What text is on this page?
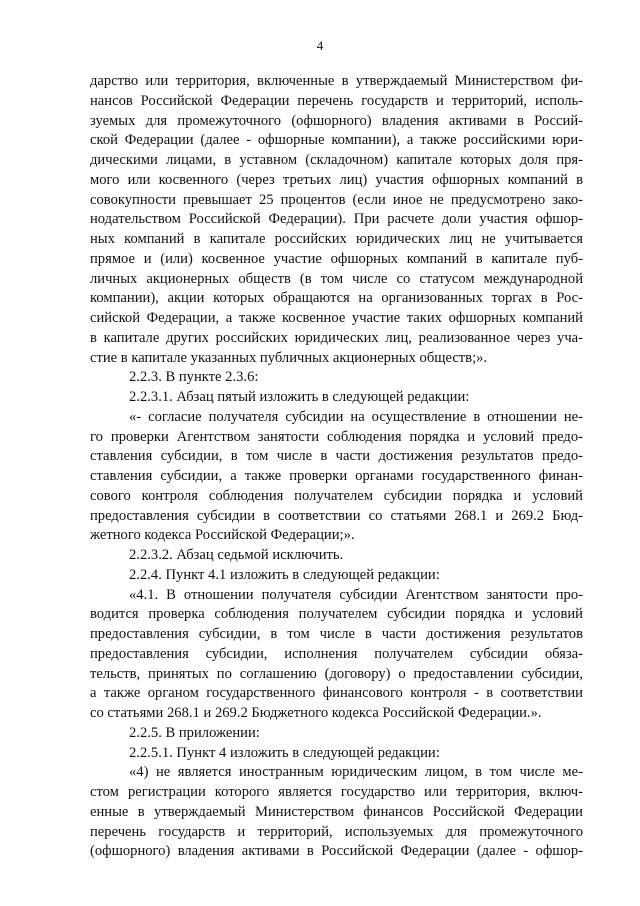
4

дарство или территория, включенные в утверждаемый Министерством фи-

нансов Российской Федерации перечень государств и территорий, исполь-

зуемых для промежуточного (офшорного) владения активами в Россий-

ской Федерации (далее - офшорные компании), а также российскими юри-

дическими лицами, в уставном (складочном) капитале которых доля пря-

мого или косвенного (через третьих лиц) участия офшорных компаний в

совокупности превышает 25 процентов (если иное не предусмотрено зако-

нодательством Российской Федерации). При расчете доли участия офшор-

ных компаний в капитале российских юридических лиц не учитывается

прямое и (или) косвенное участие офшорных компаний в капитале пуб-

личных акционерных обществ (в том числе со статусом международной

компании), акции которых обращаются на организованных торгах в Рос-

сийской Федерации, а также косвенное участие таких офшорных компаний

в капитале других российских юридических лиц, реализованное через уча-

стие в капитале указанных публичных акционерных обществ;».

2.2.3. В пункте 2.3.6:

2.2.3.1. Абзац пятый изложить в следующей редакции:

«- согласие получателя субсидии на осуществление в отношении не-

го проверки Агентством занятости соблюдения порядка и условий предо-

ставления субсидии, в том числе в части достижения результатов предо-

ставления субсидии, а также проверки органами государственного финан-

сового контроля соблюдения получателем субсидии порядка и условий

предоставления субсидии в соответствии со статьями 268.1 и 269.2 Бюд-

жетного кодекса Российской Федерации;».

2.2.3.2. Абзац седьмой исключить.

2.2.4. Пункт 4.1 изложить в следующей редакции:

«4.1. В отношении получателя субсидии Агентством занятости про-

водится проверка соблюдения получателем субсидии порядка и условий

предоставления субсидии, в том числе в части достижения результатов

предоставления субсидии, исполнения получателем субсидии обяза-

тельств, принятых по соглашению (договору) о предоставлении субсидии,

а также органом государственного финансового контроля - в соответствии

со статьями 268.1 и 269.2 Бюджетного кодекса Российской Федерации.».

2.2.5. В приложении:

2.2.5.1. Пункт 4 изложить в следующей редакции:

«4) не является иностранным юридическим лицом, в том числе ме-

стом регистрации которого является государство или территория, включ-

енные в утверждаемый Министерством финансов Российской Федерации

перечень государств и территорий, используемых для промежуточного

(офшорного) владения активами в Российской Федерации (далее - офшор-
